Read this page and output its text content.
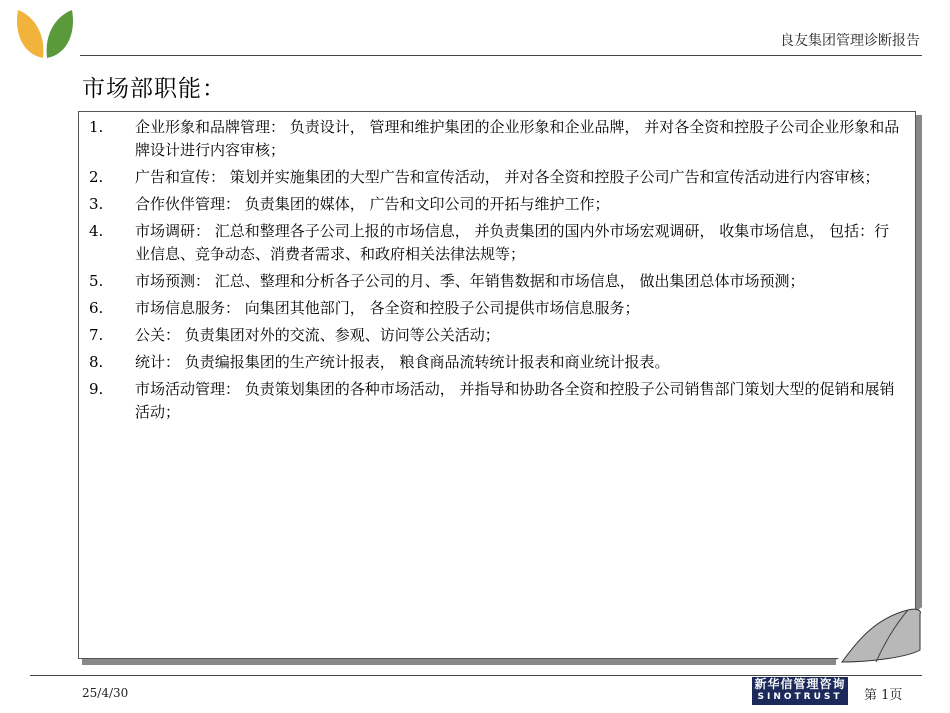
良友集团管理诊断报告
市场部职能：
1.	企业形象和品牌管理： 负责设计， 管理和维护集团的企业形象和企业品牌， 并对各全资和控股子公司企业形象和品牌设计进行内容审核；
2.	广告和宣传： 策划并实施集团的大型广告和宣传活动， 并对各全资和控股子公司广告和宣传活动进行内容审核；
3.	合作伙伴管理： 负责集团的媒体， 广告和文印公司的开拓与维护工作；
4.	市场调研： 汇总和整理各子公司上报的市场信息， 并负责集团的国内外市场宏观调研， 收集市场信息， 包括：行业信息、竞争动态、消费者需求、和政府相关法律法规等；
5.	市场预测： 汇总、整理和分析各子公司的月、季、年销售数据和市场信息， 做出集团总体市场预测；
6.	市场信息服务： 向集团其他部门， 各全资和控股子公司提供市场信息服务；
7.	公关： 负责集团对外的交流、参观、访问等公关活动；
8.	统计： 负责编报集团的生产统计报表， 粮食商品流转统计报表和商业统计报表。
9.	市场活动管理： 负责策划集团的各种市场活动， 并指导和协助各全资和控股子公司销售部门策划大型的促销和展销活动；
25/4/30
新华信管理咨询
SINOTRUST	第 1页
